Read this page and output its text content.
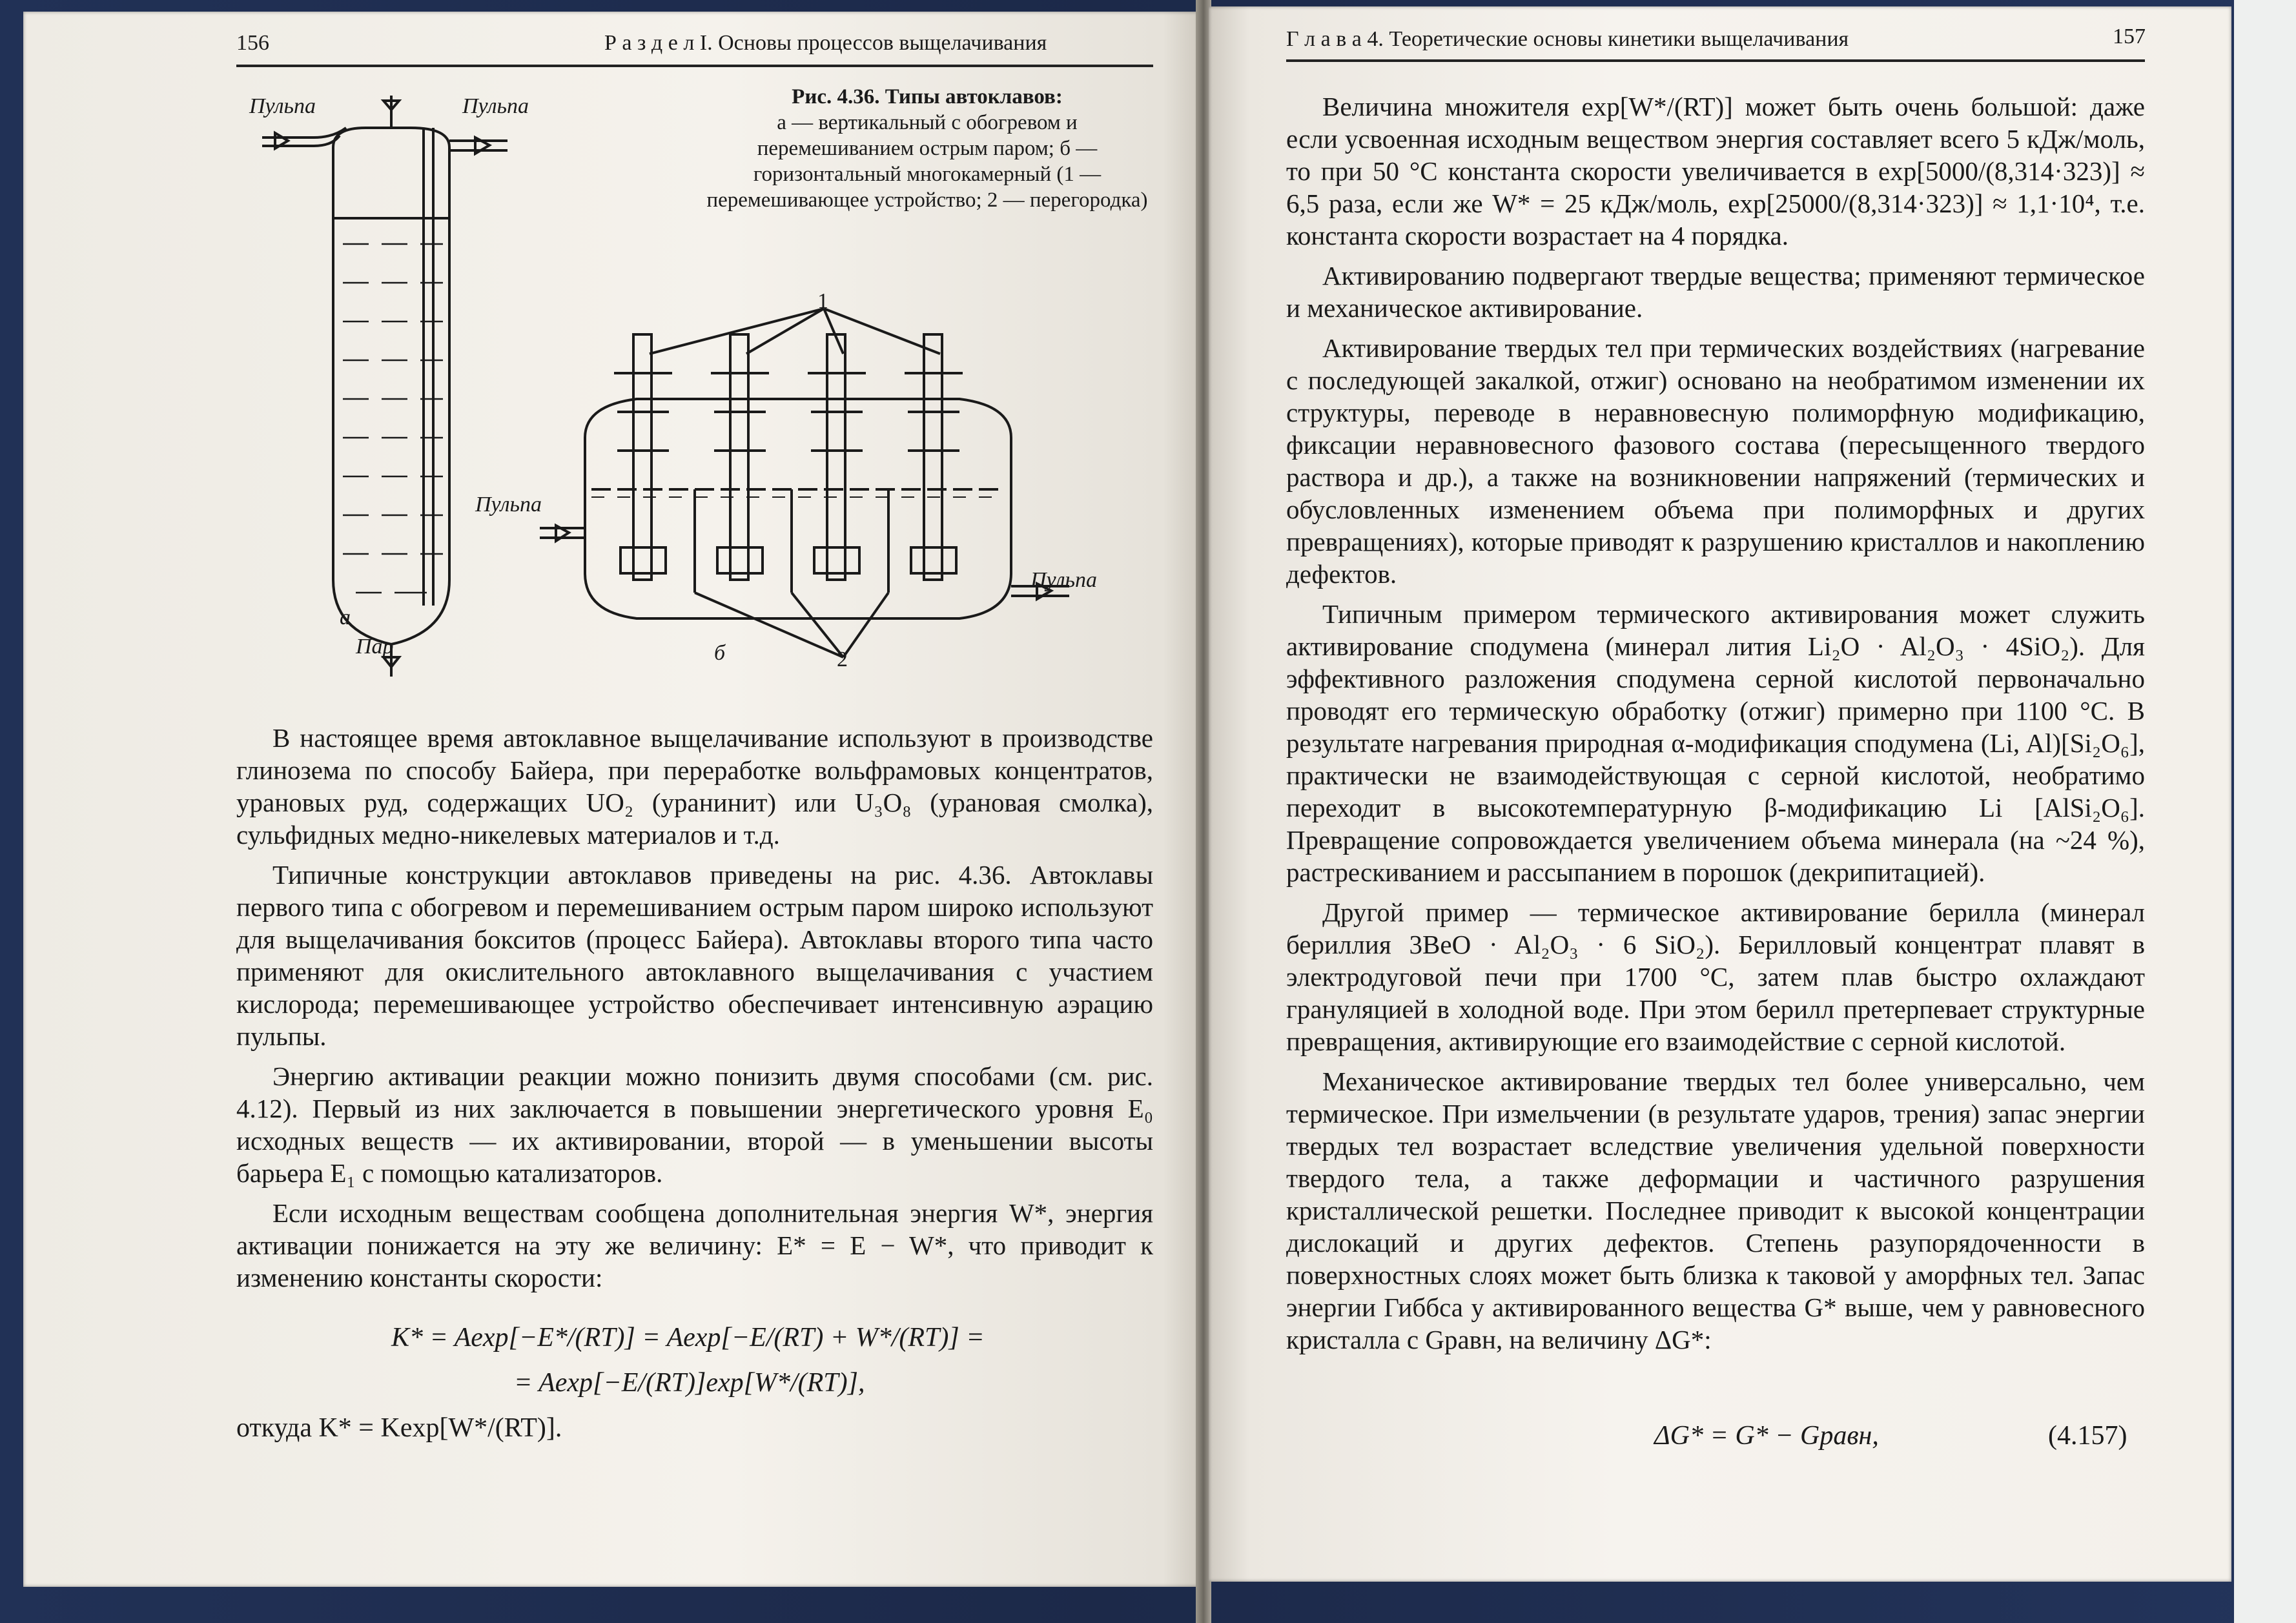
156	Р а з д е л I. Основы процессов выщелачивания
Пульпа	Пульпа
Пульпа
Пульпа
Пар
а
б
1
2
Рис. 4.36. Типы автоклавов:
а — вертикальный с обогревом и перемешиванием острым паром; б — горизонтальный многокамерный (1 — перемешивающее устройство; 2 — перегородка)

В настоящее время автоклавное выщелачивание используют в производстве глинозема по способу Байера, при переработке вольфрамовых концентратов, урановых руд, содержащих UO₂ (уранинит) или U₃O₈ (урановая смолка), сульфидных медно-никелевых материалов и т.д.

Типичные конструкции автоклавов приведены на рис. 4.36. Автоклавы первого типа с обогревом и перемешиванием острым паром широко используют для выщелачивания бокситов (процесс Байера). Автоклавы второго типа часто применяют для окислительного автоклавного выщелачивания с участием кислорода; перемешивающее устройство обеспечивает интенсивную аэрацию пульпы.

Энергию активации реакции можно понизить двумя способами (см. рис. 4.12). Первый из них заключается в повышении энергетического уровня E₀ исходных веществ — их активировании, второй — в уменьшении высоты барьера E₁ с помощью катализаторов.

Если исходным веществам сообщена дополнительная энергия W*, энергия активации понижается на эту же величину: E* = E − W*, что приводит к изменению константы скорости:

K* = Aexp[−E*/(RT)] = Aexp[−E/(RT) + W*/(RT)] =
= Aexp[−E/(RT)]exp[W*/(RT)],
откуда K* = Kexp[W*/(RT)].
Г л а в а 4. Теоретические основы кинетики выщелачивания	157

Величина множителя exp[W*/(RT)] может быть очень большой: даже если усвоенная исходным веществом энергия составляет всего 5 кДж/моль, то при 50 °C константа скорости увеличивается в exp[5000/(8,314·323)] ≈ 6,5 раза, если же W* = 25 кДж/моль, exp[25000/(8,314·323)] ≈ 1,1·10⁴, т.е. константа скорости возрастает на 4 порядка.

Активированию подвергают твердые вещества; применяют термическое и механическое активирование.

Активирование твердых тел при термических воздействиях (нагревание с последующей закалкой, отжиг) основано на необратимом изменении их структуры, переводе в неравновесную полиморфную модификацию, фиксации неравновесного фазового состава (пересыщенного твердого раствора и др.), а также на возникновении напряжений (термических и обусловленных изменением объема при полиморфных и других превращениях), которые приводят к разрушению кристаллов и накоплению дефектов.

Типичным примером термического активирования может служить активирование сподумена (минерал лития Li₂O · Al₂O₃ · 4SiO₂). Для эффективного разложения сподумена серной кислотой первоначально проводят его термическую обработку (отжиг) примерно при 1100 °C. В результате нагревания природная α-модификация сподумена (Li, Al)[Si₂O₆], практически не взаимодействующая с серной кислотой, необратимо переходит в высокотемпературную β-модификацию Li [AlSi₂O₆]. Превращение сопровождается увеличением объема минерала (на ~24 %), растрескиванием и рассыпанием в порошок (декрипитацией).

Другой пример — термическое активирование берилла (минерал бериллия 3BeO · Al₂O₃ · 6 SiO₂). Берилловый концентрат плавят в электродуговой печи при 1700 °C, затем плав быстро охлаждают грануляцией в холодной воде. При этом берилл претерпевает структурные превращения, активирующие его взаимодействие с серной кислотой.

Механическое активирование твердых тел более универсально, чем термическое. При измельчении (в результате ударов, трения) запас энергии твердых тел возрастает вследствие увеличения удельной поверхности твердого тела, а также деформации и частичного разрушения кристаллической решетки. Последнее приводит к высокой концентрации дислокаций и других дефектов. Степень разупорядоченности в поверхностных слоях может быть близка к таковой у аморфных тел. Запас энергии Гиббса у активированного вещества G* выше, чем у равновесного кристалла с Gравн, на величину ΔG*:

ΔG* = G* − Gравн,	(4.157)
